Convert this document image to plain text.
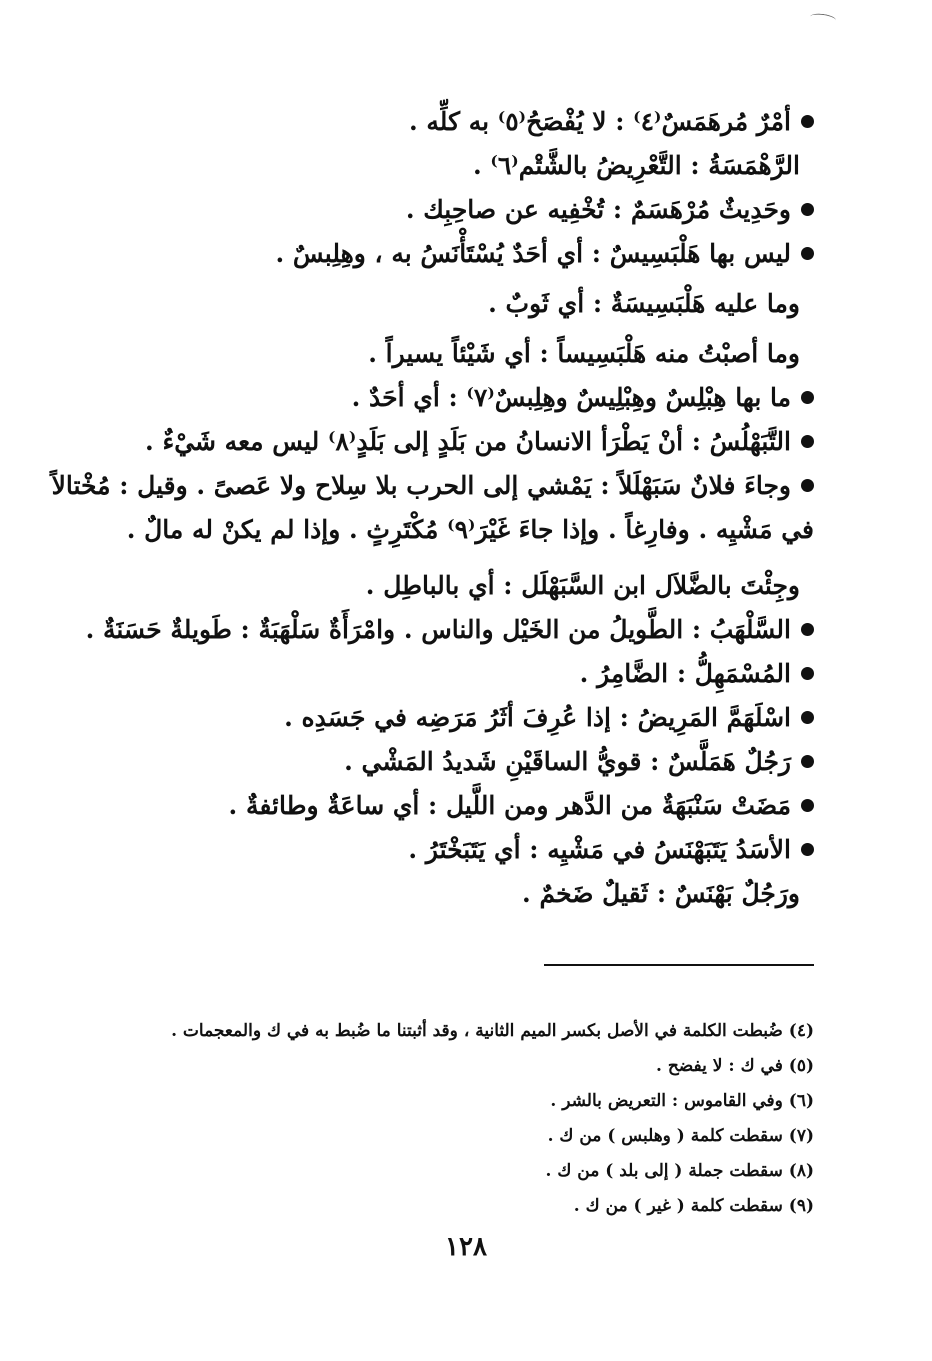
أمْرٌ مُرهَمَسٌ⁽٤⁾ : لا يُفْصَحُ⁽٥⁾ به كلِّه .
الرَّهْمَسَةُ : التَّعْرِيضُ بالشَّتْم⁽٦⁾ .
وحَدِيثٌ مُرْهَسَمٌ : تُخْفِيه عن صاحِبِك .
ليس بها هَلْبَسِيسٌ : أي أحَدٌ يُسْتَأْنَسُ به ، وهِلِبسٌ .
وما عليه هَلْبَسِيسَةٌ : أي ثَوبٌ .
وما أصبْتُ منه هَلْبَسِيساً : أي شَيْئاً يسيراً .
ما بها هِبْلِسٌ وهِبْلِيسٌ وهِلِبسٌ⁽٧⁾ : أي أحَدٌ .
التَّبَهْلُسُ : أنْ يَطْرَأ الانسانُ من بَلَدٍ إلى بَلَدٍ⁽٨⁾ ليس معه شَيْءٌ .
وجاءَ فلانٌ سَبَهْلَلاً : يَمْشي إلى الحرب بلا سِلاح ولا عَصىً . وقيل : مُخْتالاً
في مَشْيِه . وفارِغاً . وإذا جاءَ غَيْرَ⁽٩⁾ مُكْتَرِثٍ . وإذا لم يكنْ له مالٌ .
وجِئْتَ بالضَّلاَل ابن السَّبَهْلَل : أي بالباطِل .
السَّلْهَبُ : الطَّويلُ من الخَيْل والناس . وامْرَأَةٌ سَلْهَبَةٌ : طَويلةٌ حَسَنَةٌ .
المُسْمَهِلُّ : الضَّامِرُ .
اسْلَهَمَّ المَرِيضُ : إذا عُرِفَ أثَرُ مَرَضِه في جَسَدِه .
رَجُلٌ هَمَلَّسٌ : قويُّ الساقَيْنِ شَديدُ المَشْي .
مَضَتْ سَنْبَهَةٌ من الدَّهر ومن اللَّيل : أي ساعَةٌ وطائفةٌ .
الأسَدُ يَتَبَهْنَسُ في مَشْيِه : أي يَتَبَخْتَرُ .
ورَجُلٌ بَهْنَسٌ : ثَقيلٌ ضَخمٌ .
(٤) ضُبطت الكلمة في الأصل بكسر الميم الثانية ، وقد أثبتنا ما ضُبط به في ك والمعجمات .
(٥) في ك : لا يفضح .
(٦) وفي القاموس : التعريض بالشر .
(٧) سقطت كلمة ( وهلبس ) من ك .
(٨) سقطت جملة ( إلى بلد ) من ك .
(٩) سقطت كلمة ( غير ) من ك .
١٢٨
